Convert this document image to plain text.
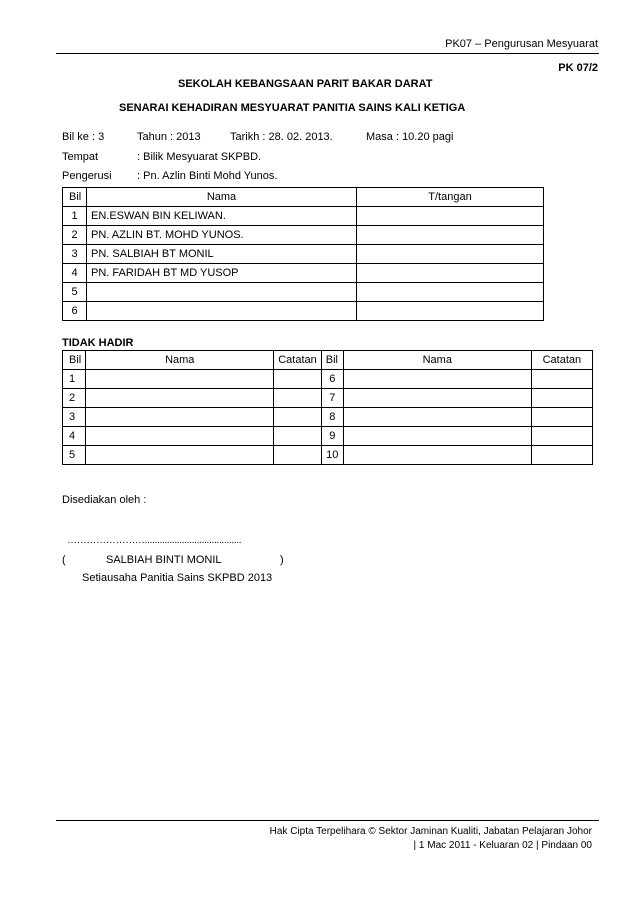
PK07 – Pengurusan Mesyuarat
PK 07/2
SEKOLAH KEBANGSAAN PARIT BAKAR DARAT
SENARAI KEHADIRAN MESYUARAT PANITIA SAINS KALI KETIGA
Bil ke : 3	Tahun : 2013	Tarikh : 28. 02. 2013.	Masa : 10.20 pagi
Tempat	: Bilik Mesyuarat SKPBD.
Pengerusi : Pn. Azlin Binti Mohd Yunos.
Bil	Nama	T/tangan
1	EN.ESWAN BIN KELIWAN.	
2	PN. AZLIN BT. MOHD YUNOS.	
3	PN. SALBIAH BT MONIL	
4	PN. FARIDAH BT MD YUSOP	
5		
6		
TIDAK HADIR
Bil	Nama	Catatan	Bil	Nama	Catatan
1			6		
2			7		
3			8		
4			9		
5			10		
Disediakan oleh :
…………………….......................................
(	SALBIAH BINTI MONIL	)
Setiausaha Panitia Sains SKPBD 2013
Hak Cipta Terpelihara © Sektor Jaminan Kualiti, Jabatan Pelajaran Johor
| 1 Mac 2011 - Keluaran 02 | Pindaan 00
